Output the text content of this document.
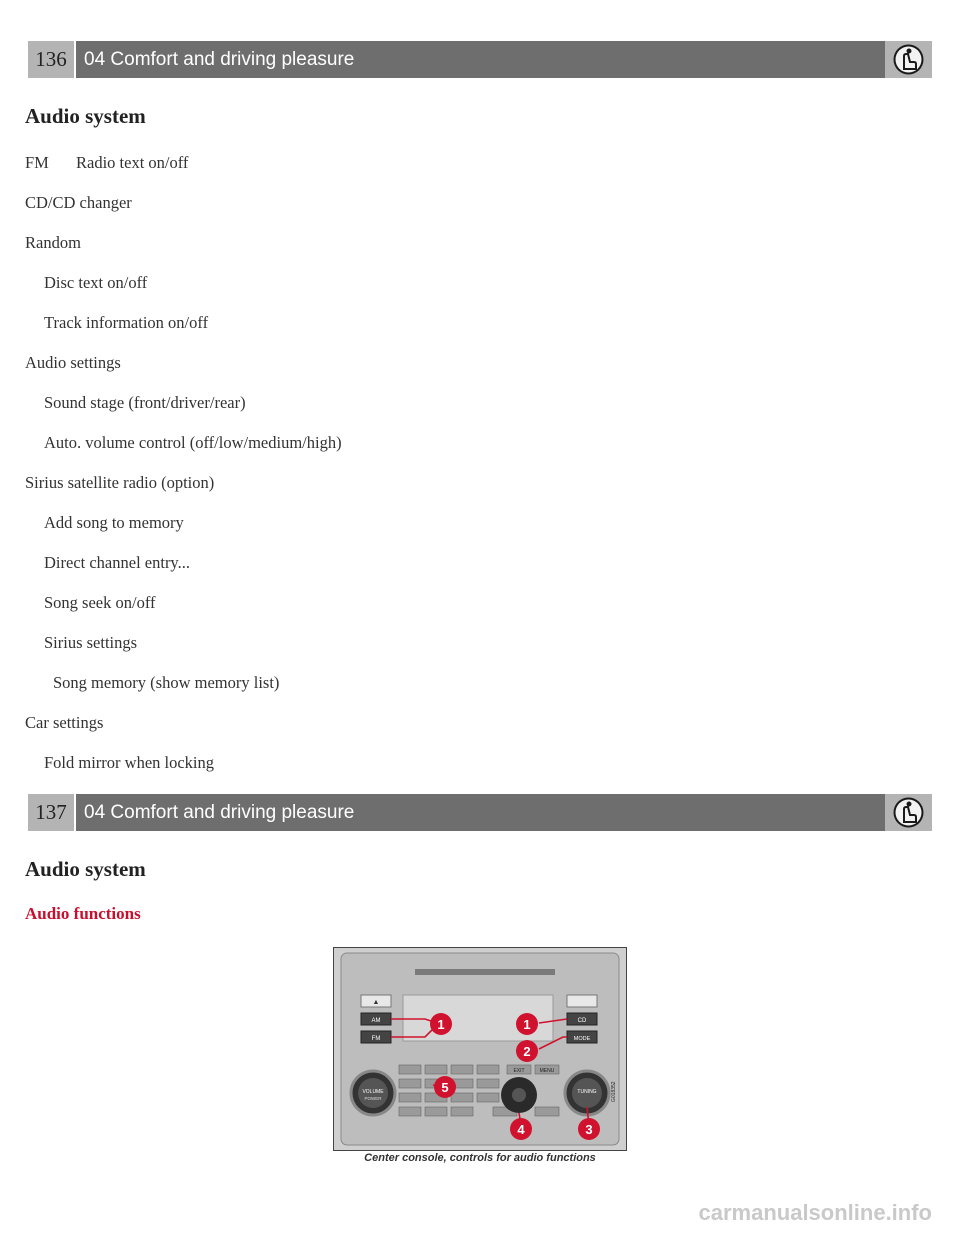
136 04 Comfort and driving pleasure
Audio system
FM Radio text on/off
CD/CD changer
Random
Disc text on/off
Track information on/off
Audio settings
Sound stage (front/driver/rear)
Auto. volume control (off/low/medium/high)
Sirius satellite radio (option)
Add song to memory
Direct channel entry...
Song seek on/off
Sirius settings
Song memory (show memory list)
Car settings
Fold mirror when locking
137 04 Comfort and driving pleasure
Audio system
Audio functions
▲
AM
FM
CD
MODE
EXIT	MENU
VOLUME
POWER
TUNING	G018352
1	1
2
5
4	3
Center console, controls for audio functions
carmanualsonline.info
